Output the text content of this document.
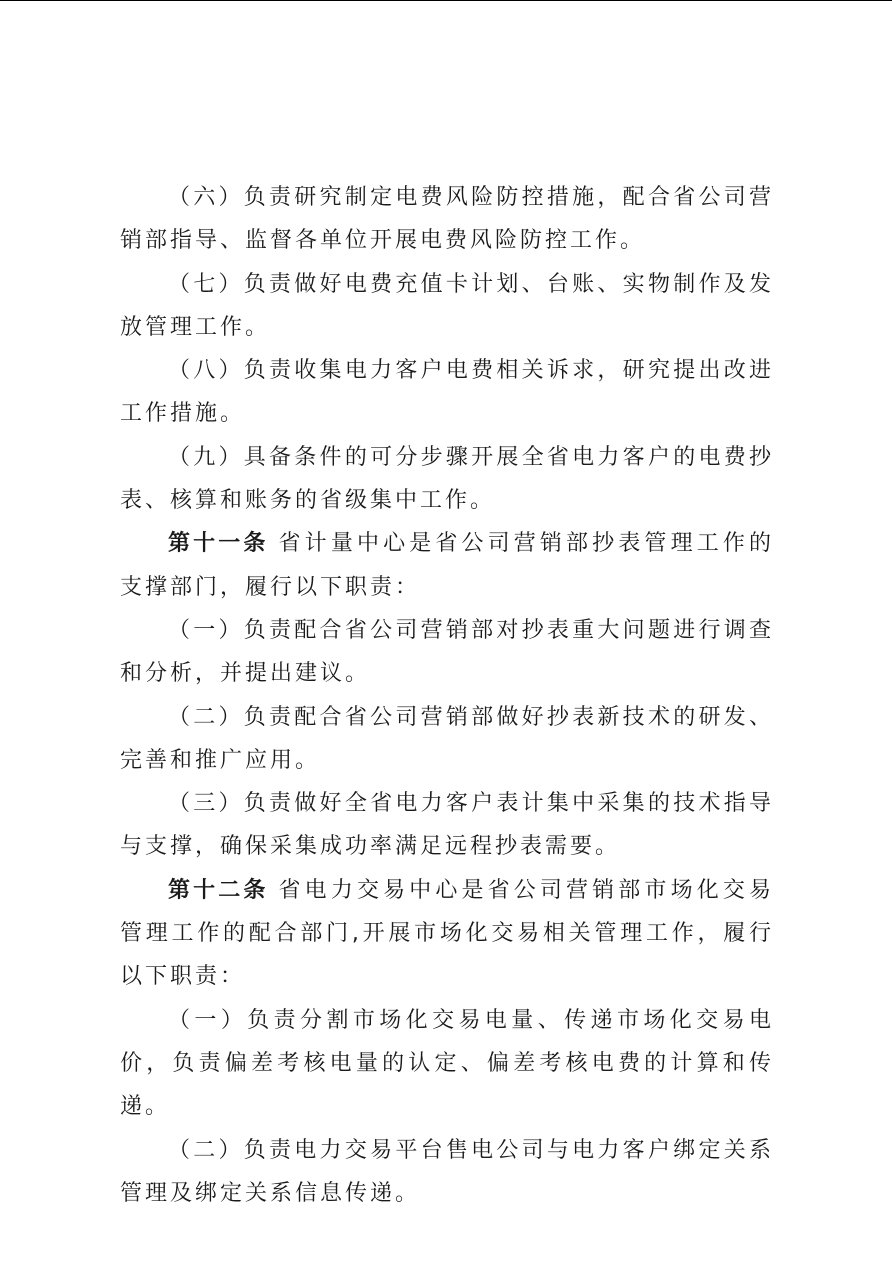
（六）负责研究制定电费风险防控措施，配合省公司营销部指导、监督各单位开展电费风险防控工作。

（七）负责做好电费充值卡计划、台账、实物制作及发放管理工作。

（八）负责收集电力客户电费相关诉求，研究提出改进工作措施。

（九）具备条件的可分步骤开展全省电力客户的电费抄表、核算和账务的省级集中工作。

第十一条 省计量中心是省公司营销部抄表管理工作的支撑部门，履行以下职责：

（一）负责配合省公司营销部对抄表重大问题进行调查和分析，并提出建议。

（二）负责配合省公司营销部做好抄表新技术的研发、完善和推广应用。

（三）负责做好全省电力客户表计集中采集的技术指导与支撑，确保采集成功率满足远程抄表需要。

第十二条 省电力交易中心是省公司营销部市场化交易管理工作的配合部门,开展市场化交易相关管理工作，履行以下职责：

（一）负责分割市场化交易电量、传递市场化交易电价，负责偏差考核电量的认定、偏差考核电费的计算和传递。

（二）负责电力交易平台售电公司与电力客户绑定关系管理及绑定关系信息传递。
